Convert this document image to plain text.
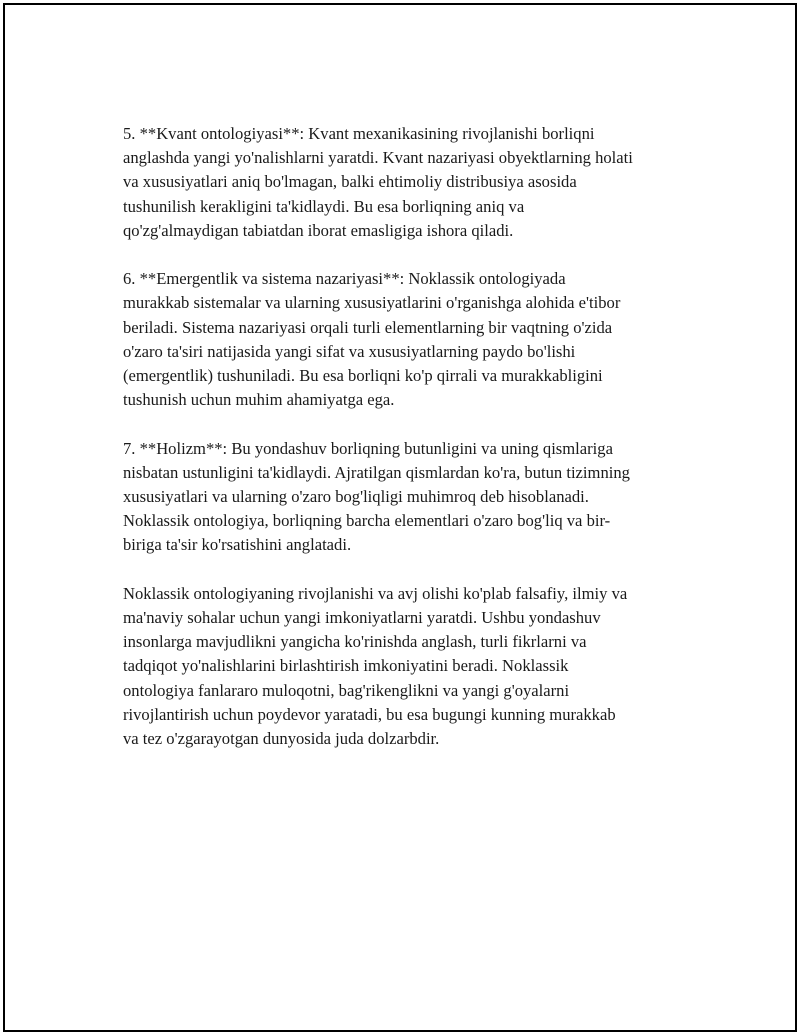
5. **Kvant ontologiyasi**: Kvant mexanikasining rivojlanishi borliqni
anglashda yangi yo'nalishlarni yaratdi. Kvant nazariyasi obyektlarning holati
va xususiyatlari aniq bo'lmagan, balki ehtimoliy distribusiya asosida
tushunilish kerakligini ta'kidlaydi. Bu esa borliqning aniq va
qo'zg'almaydigan tabiatdan iborat emasligiga ishora qiladi.

6. **Emergentlik va sistema nazariyasi**: Noklassik ontologiyada
murakkab sistemalar va ularning xususiyatlarini o'rganishga alohida e'tibor
beriladi. Sistema nazariyasi orqali turli elementlarning bir vaqtning o'zida
o'zaro ta'siri natijasida yangi sifat va xususiyatlarning paydo bo'lishi
(emergentlik) tushuniladi. Bu esa borliqni ko'p qirrali va murakkabligini
tushunish uchun muhim ahamiyatga ega.

7. **Holizm**: Bu yondashuv borliqning butunligini va uning qismlariga
nisbatan ustunligini ta'kidlaydi. Ajratilgan qismlardan ko'ra, butun tizimning
xususiyatlari va ularning o'zaro bog'liqligi muhimroq deb hisoblanadi.
Noklassik ontologiya, borliqning barcha elementlari o'zaro bog'liq va bir-
biriga ta'sir ko'rsatishini anglatadi.

Noklassik ontologiyaning rivojlanishi va avj olishi ko'plab falsafiy, ilmiy va
ma'naviy sohalar uchun yangi imkoniyatlarni yaratdi. Ushbu yondashuv
insonlarga mavjudlikni yangicha ko'rinishda anglash, turli fikrlarni va
tadqiqot yo'nalishlarini birlashtirish imkoniyatini beradi. Noklassik
ontologiya fanlararo muloqotni, bag'rikenglikni va yangi g'oyalarni
rivojlantirish uchun poydevor yaratadi, bu esa bugungi kunning murakkab
va tez o'zgarayotgan dunyosida juda dolzarbdir.
